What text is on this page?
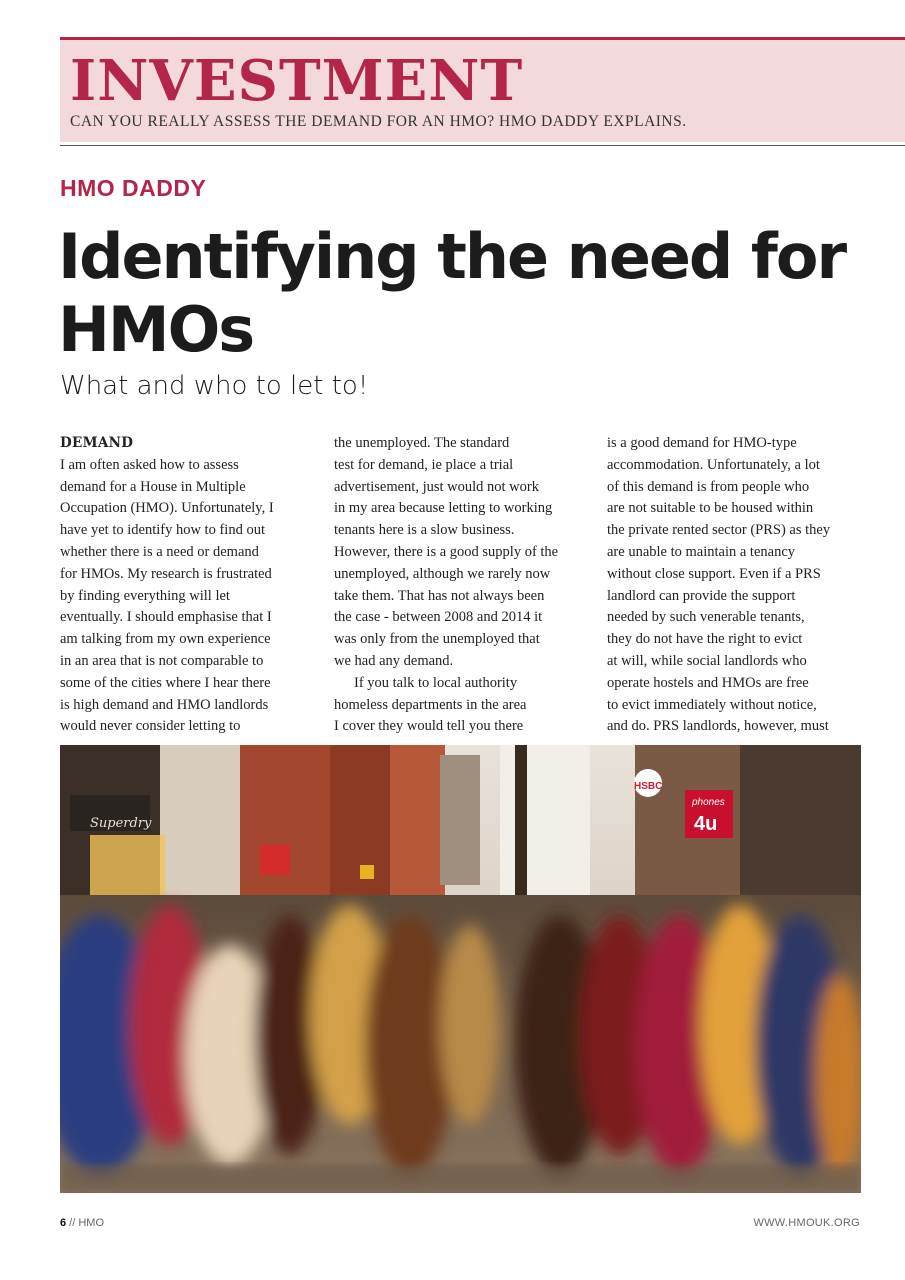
INVESTMENT
CAN YOU REALLY ASSESS THE DEMAND FOR AN HMO? HMO DADDY EXPLAINS.
HMO DADDY
Identifying the need for
HMOs
What and who to let to!
DEMAND

I am often asked how to assess
demand for a House in Multiple
Occupation (HMO). Unfortunately, I
have yet to identify how to find out
whether there is a need or demand
for HMOs. My research is frustrated
by finding everything will let
eventually. I should emphasise that I
am talking from my own experience
in an area that is not comparable to
some of the cities where I hear there
is high demand and HMO landlords
would never consider letting to

the unemployed. The standard
test for demand, ie place a trial
advertisement, just would not work
in my area because letting to working
tenants here is a slow business.
However, there is a good supply of the
unemployed, although we rarely now
take them. That has not always been
the case - between 2008 and 2014 it
was only from the unemployed that
we had any demand.

If you talk to local authority
homeless departments in the area
I cover they would tell you there

is a good demand for HMO-type
accommodation. Unfortunately, a lot
of this demand is from people who
are not suitable to be housed within
the private rented sector (PRS) as they
are unable to maintain a tenancy
without close support. Even if a PRS
landlord can provide the support
needed by such venerable tenants,
they do not have the right to evict
at will, while social landlords who
operate hostels and HMOs are free
to evict immediately without notice,
and do. PRS landlords, however, must

Superdry
HSBC
phones
4u
6 // HMO	WWW.HMOUK.ORG
